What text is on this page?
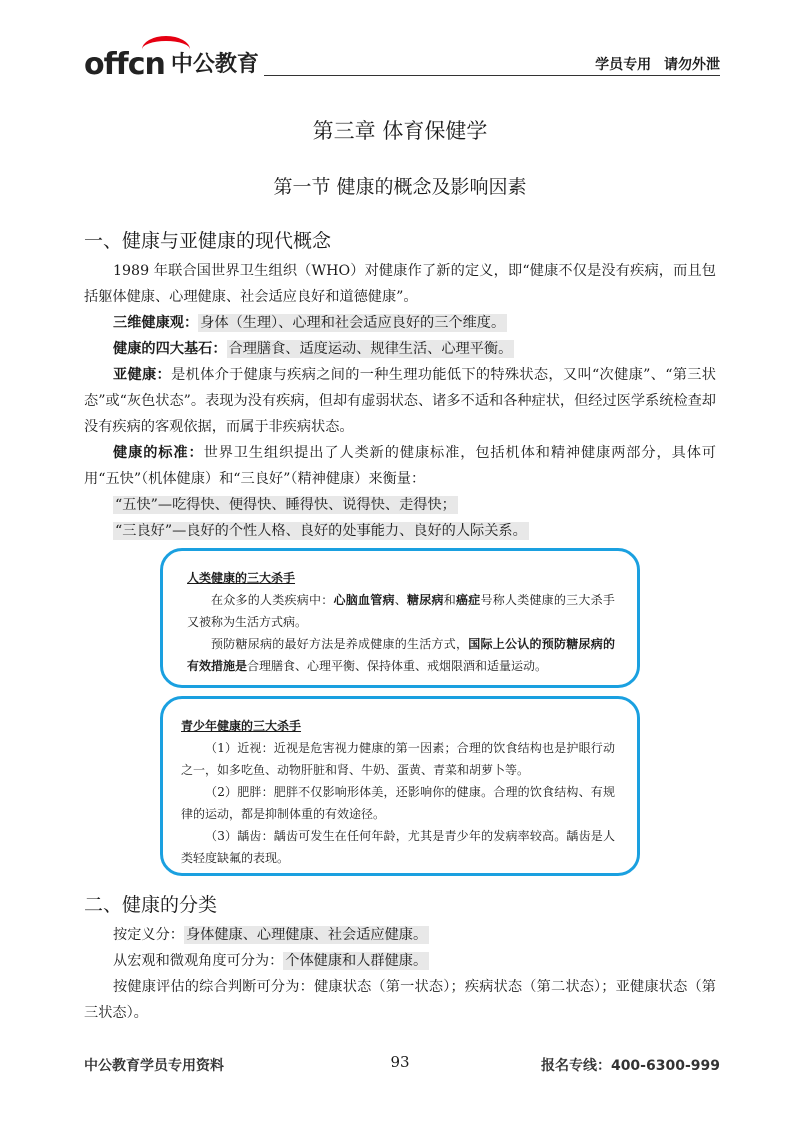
offcn 中公教育	学员专用 请勿外泄
第三章 体育保健学
第一节 健康的概念及影响因素
一、健康与亚健康的现代概念

1989 年联合国世界卫生组织（WHO）对健康作了新的定义，即“健康不仅是没有疾病，而且包括躯体健康、心理健康、社会适应良好和道德健康”。

三维健康观： 身体（生理）、心理和社会适应良好的三个维度。

健康的四大基石： 合理膳食、适度运动、规律生活、心理平衡。

亚健康：是机体介于健康与疾病之间的一种生理功能低下的特殊状态，又叫“次健康”、“第三状态”或“灰色状态”。表现为没有疾病，但却有虚弱状态、诸多不适和各种症状，但经过医学系统检查却没有疾病的客观依据，而属于非疾病状态。

健康的标准：世界卫生组织提出了人类新的健康标准，包括机体和精神健康两部分，具体可用“五快”（机体健康）和“三良好”（精神健康）来衡量：

“五快”—吃得快、便得快、睡得快、说得快、走得快；

“三良好”—良好的个性人格、良好的处事能力、良好的人际关系。

人类健康的三大杀手

在众多的人类疾病中：心脑血管病、糖尿病和癌症号称人类健康的三大杀手又被称为生活方式病。

预防糖尿病的最好方法是养成健康的生活方式，国际上公认的预防糖尿病的有效措施是合理膳食、心理平衡、保持体重、戒烟限酒和适量运动。

青少年健康的三大杀手

（1）近视：近视是危害视力健康的第一因素；合理的饮食结构也是护眼行动之一，如多吃鱼、动物肝脏和肾、牛奶、蛋黄、青菜和胡萝卜等。

（2）肥胖：肥胖不仅影响形体美，还影响你的健康。合理的饮食结构、有规律的运动，都是抑制体重的有效途径。

（3）龋齿：龋齿可发生在任何年龄，尤其是青少年的发病率较高。龋齿是人类轻度缺氟的表现。

二、健康的分类

按定义分： 身体健康、心理健康、社会适应健康。

从宏观和微观角度可分为： 个体健康和人群健康。

按健康评估的综合判断可分为：健康状态（第一状态）；疾病状态（第二状态）；亚健康状态（第三状态）。

中公教育学员专用资料	93	报名专线：400-6300-999
